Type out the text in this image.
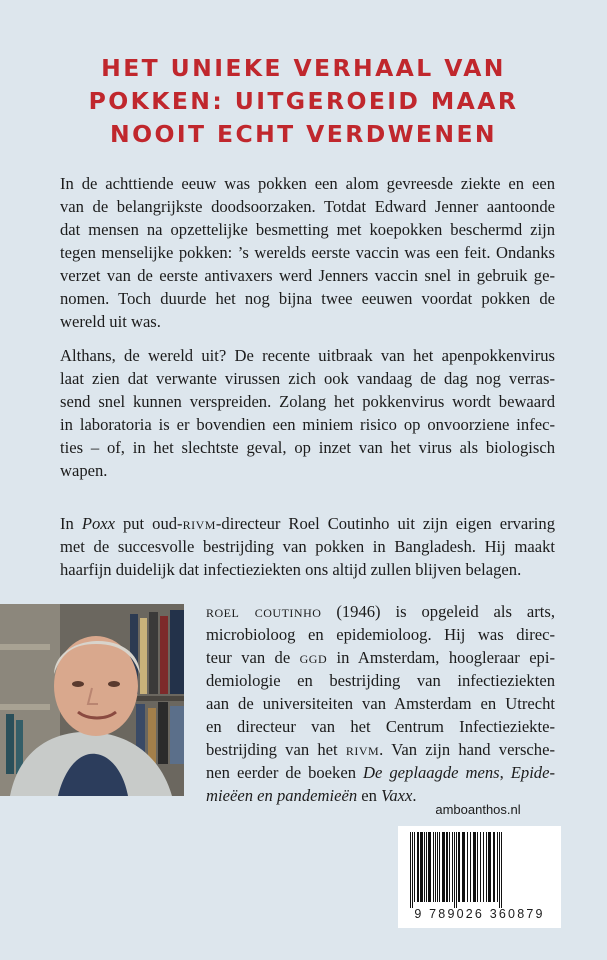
HET UNIEKE VERHAAL VAN
POKKEN: UITGEROEID MAAR
NOOIT ECHT VERDWENEN
In de achttiende eeuw was pokken een alom gevreesde ziekte en een
van de belangrijkste doodsoorzaken. Totdat Edward Jenner aantoonde
dat mensen na opzettelijke besmetting met koepokken beschermd zijn
tegen menselijke pokken: ’s werelds eerste vaccin was een feit. Ondanks
verzet van de eerste antivaxers werd Jenners vaccin snel in gebruik ge-
nomen. Toch duurde het nog bijna twee eeuwen voordat pokken de
wereld uit was.
Althans, de wereld uit? De recente uitbraak van het apenpokkenvirus
laat zien dat verwante virussen zich ook vandaag de dag nog verras-
send snel kunnen verspreiden. Zolang het pokkenvirus wordt bewaard
in laboratoria is er bovendien een miniem risico op onvoorziene infec-
ties – of, in het slechtste geval, op inzet van het virus als biologisch
wapen.
In Poxx put oud-rivm-directeur Roel Coutinho uit zijn eigen ervaring
met de succesvolle bestrijding van pokken in Bangladesh. Hij maakt
haarfijn duidelijk dat infectieziekten ons altijd zullen blijven belagen.
roel coutinho (1946) is opgeleid als arts,
microbioloog en epidemioloog. Hij was direc-
teur van de ggd in Amsterdam, hoogleraar epi-
demiologie en bestrijding van infectieziekten
aan de universiteiten van Amsterdam en Utrecht
en directeur van het Centrum Infectieziekte-
bestrijding van het rivm. Van zijn hand versche-
nen eerder de boeken De geplaagde mens, Epide-
mieëen en pandemieën en Vaxx.
amboanthos.nl
9 789026 360879
